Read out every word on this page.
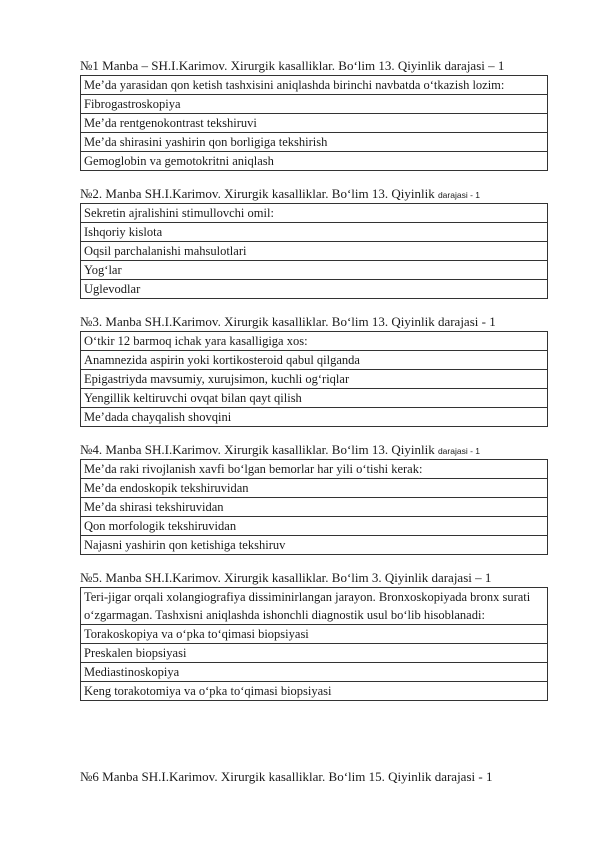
№1 Manba – SH.I.Karimov. Xirurgik kasalliklar. Bo‘lim 13. Qiyinlik darajasi – 1
Me’da yarasidan qon ketish tashxisini aniqlashda birinchi navbatda o‘tkazish lozim:
Fibrogastroskopiya
Me’da rentgenokontrast tekshiruvi
Me’da shirasini yashirin qon borligiga tekshirish
Gemoglobin va gemotokritni aniqlash
№2. Manba SH.I.Karimov. Xirurgik kasalliklar. Bo‘lim 13. Qiyinlik darajasi - 1
Sekretin ajralishini stimullovchi omil:
Ishqoriy kislota
Oqsil parchalanishi mahsulotlari
Yog‘lar
Uglevodlar
№3. Manba SH.I.Karimov. Xirurgik kasalliklar. Bo‘lim 13. Qiyinlik darajasi - 1
O‘tkir 12 barmoq ichak yara kasalligiga xos:
Anamnezida aspirin yoki kortikosteroid qabul qilganda
Epigastriyda mavsumiy, xurujsimon, kuchli og‘riqlar
Yengillik keltiruvchi ovqat bilan qayt qilish
Me’dada chayqalish shovqini
№4. Manba SH.I.Karimov. Xirurgik kasalliklar. Bo‘lim 13. Qiyinlik darajasi - 1
Me’da raki rivojlanish xavfi bo‘lgan bemorlar har yili o‘tishi kerak:
Me’da endoskopik tekshiruvidan
Me’da shirasi tekshiruvidan
Qon morfologik tekshiruvidan
Najasni yashirin qon ketishiga tekshiruv
№5. Manba SH.I.Karimov. Xirurgik kasalliklar. Bo‘lim 3. Qiyinlik darajasi – 1
Teri-jigar orqali xolangiografiya dissiminirlangan jarayon. Bronxoskopiyada bronx surati o‘zgarmagan. Tashxisni aniqlashda ishonchli diagnostik usul bo‘lib hisoblanadi:
Torakoskopiya va o‘pka to‘qimasi biopsiyasi
Preskalen biopsiyasi
Mediastinoskopiya
Keng torakotomiya va o‘pka to‘qimasi biopsiyasi
№6 Manba SH.I.Karimov. Xirurgik kasalliklar. Bo‘lim 15. Qiyinlik darajasi - 1
